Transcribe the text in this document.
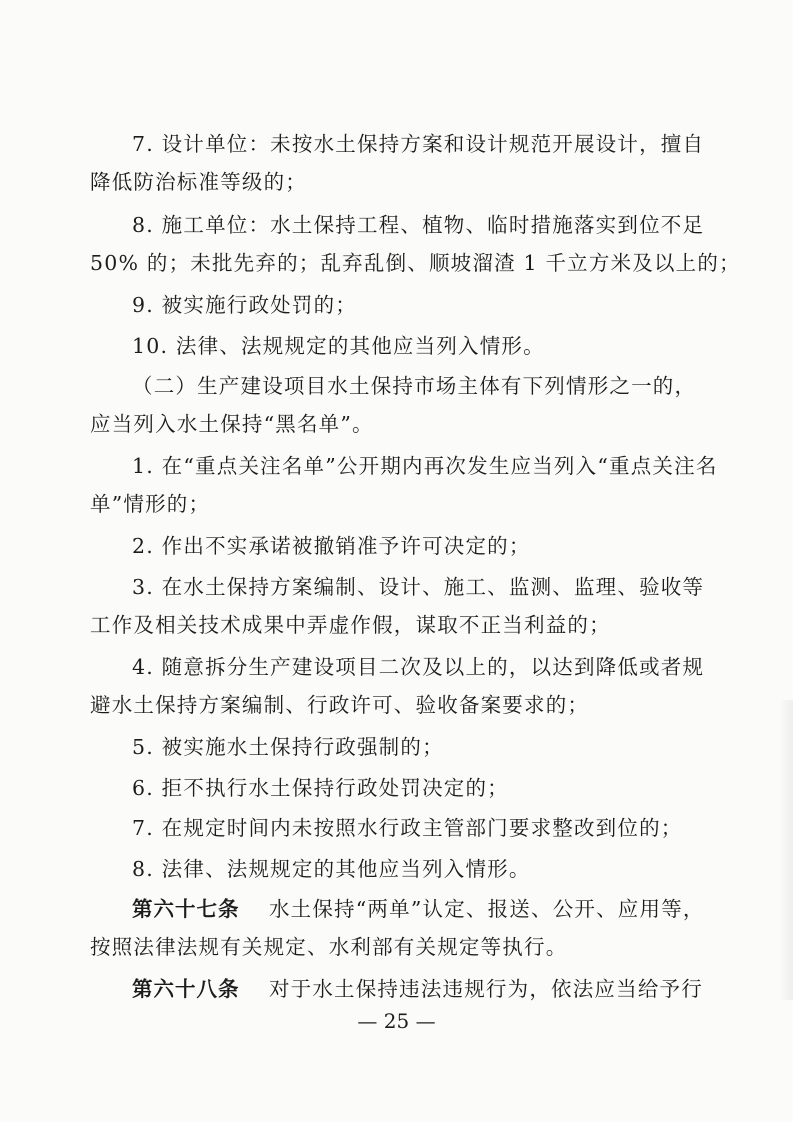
7. 设计单位：未按水土保持方案和设计规范开展设计，擅自
降低防治标准等级的；
8. 施工单位：水土保持工程、植物、临时措施落实到位不足
50% 的；未批先弃的；乱弃乱倒、顺坡溜渣 1 千立方米及以上的；
9. 被实施行政处罚的；
10. 法律、法规规定的其他应当列入情形。
（二）生产建设项目水土保持市场主体有下列情形之一的，
应当列入水土保持“黑名单”。
1. 在“重点关注名单”公开期内再次发生应当列入“重点关注名
单”情形的；
2. 作出不实承诺被撤销准予许可决定的；
3. 在水土保持方案编制、设计、施工、监测、监理、验收等
工作及相关技术成果中弄虚作假，谋取不正当利益的；
4. 随意拆分生产建设项目二次及以上的，以达到降低或者规
避水土保持方案编制、行政许可、验收备案要求的；
5. 被实施水土保持行政强制的；
6. 拒不执行水土保持行政处罚决定的；
7. 在规定时间内未按照水行政主管部门要求整改到位的；
8. 法律、法规规定的其他应当列入情形。
第六十七条 水土保持“两单”认定、报送、公开、应用等，
按照法律法规有关规定、水利部有关规定等执行。
第六十八条 对于水土保持违法违规行为，依法应当给予行
— 25 —
